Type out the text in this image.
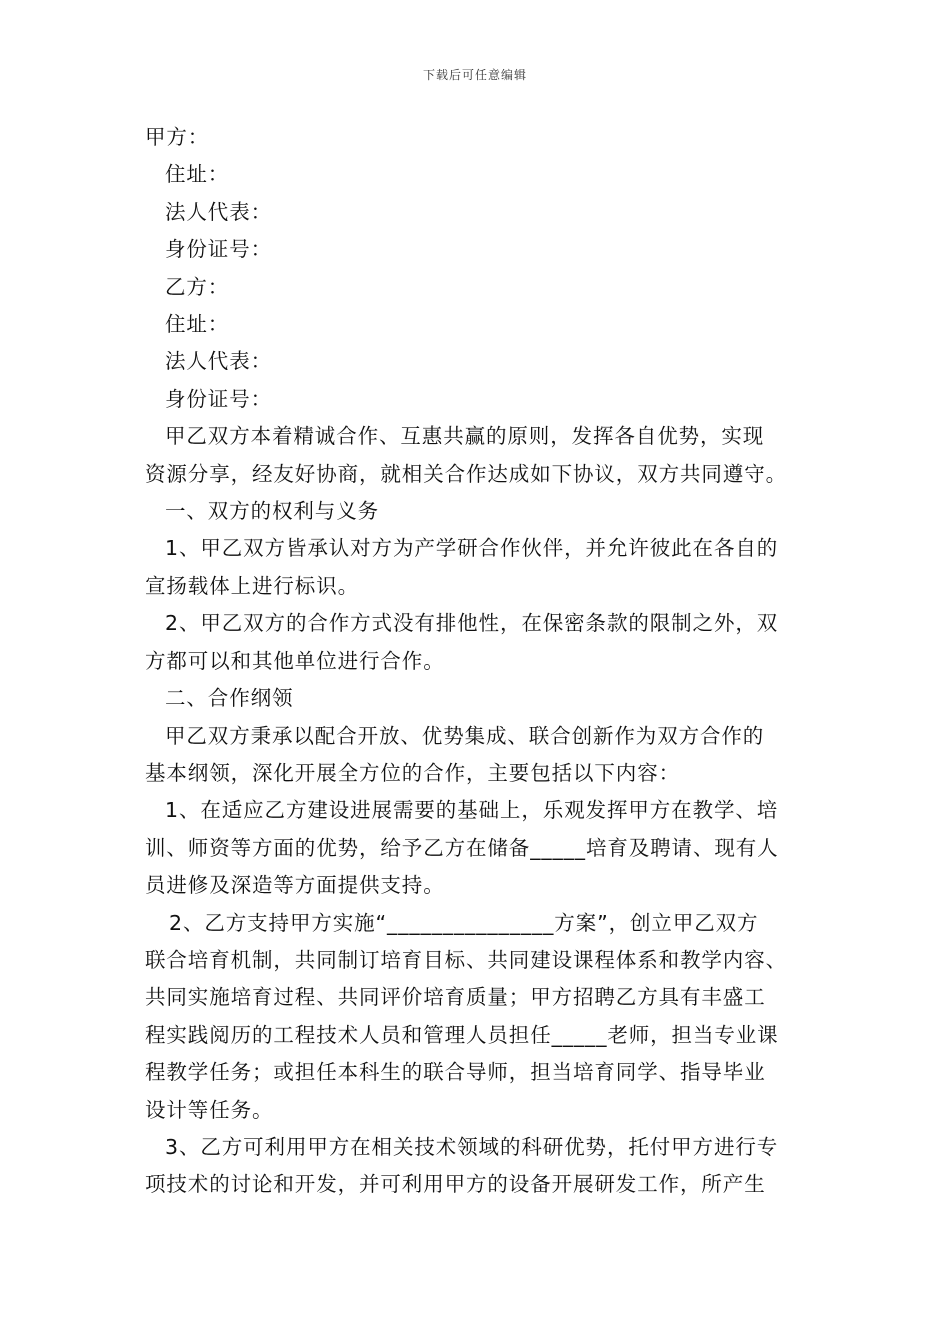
下载后可任意编辑
甲方：
住址：
法人代表：
身份证号：
乙方：
住址：
法人代表：
身份证号：
甲乙双方本着精诚合作、互惠共赢的原则，发挥各自优势，实现
资源分享，经友好协商，就相关合作达成如下协议，双方共同遵守。
一、双方的权利与义务
1、甲乙双方皆承认对方为产学研合作伙伴，并允许彼此在各自的
宣扬载体上进行标识。
2、甲乙双方的合作方式没有排他性，在保密条款的限制之外，双
方都可以和其他单位进行合作。
二、合作纲领
甲乙双方秉承以配合开放、优势集成、联合创新作为双方合作的
基本纲领，深化开展全方位的合作，主要包括以下内容：
1、在适应乙方建设进展需要的基础上，乐观发挥甲方在教学、培
训、师资等方面的优势，给予乙方在储备_____培育及聘请、现有人
员进修及深造等方面提供支持。
2、乙方支持甲方实施“_______________方案”，创立甲乙双方
联合培育机制，共同制订培育目标、共同建设课程体系和教学内容、
共同实施培育过程、共同评价培育质量；甲方招聘乙方具有丰盛工
程实践阅历的工程技术人员和管理人员担任_____老师，担当专业课
程教学任务；或担任本科生的联合导师，担当培育同学、指导毕业
设计等任务。
3、乙方可利用甲方在相关技术领域的科研优势，托付甲方进行专
项技术的讨论和开发，并可利用甲方的设备开展研发工作，所产生
